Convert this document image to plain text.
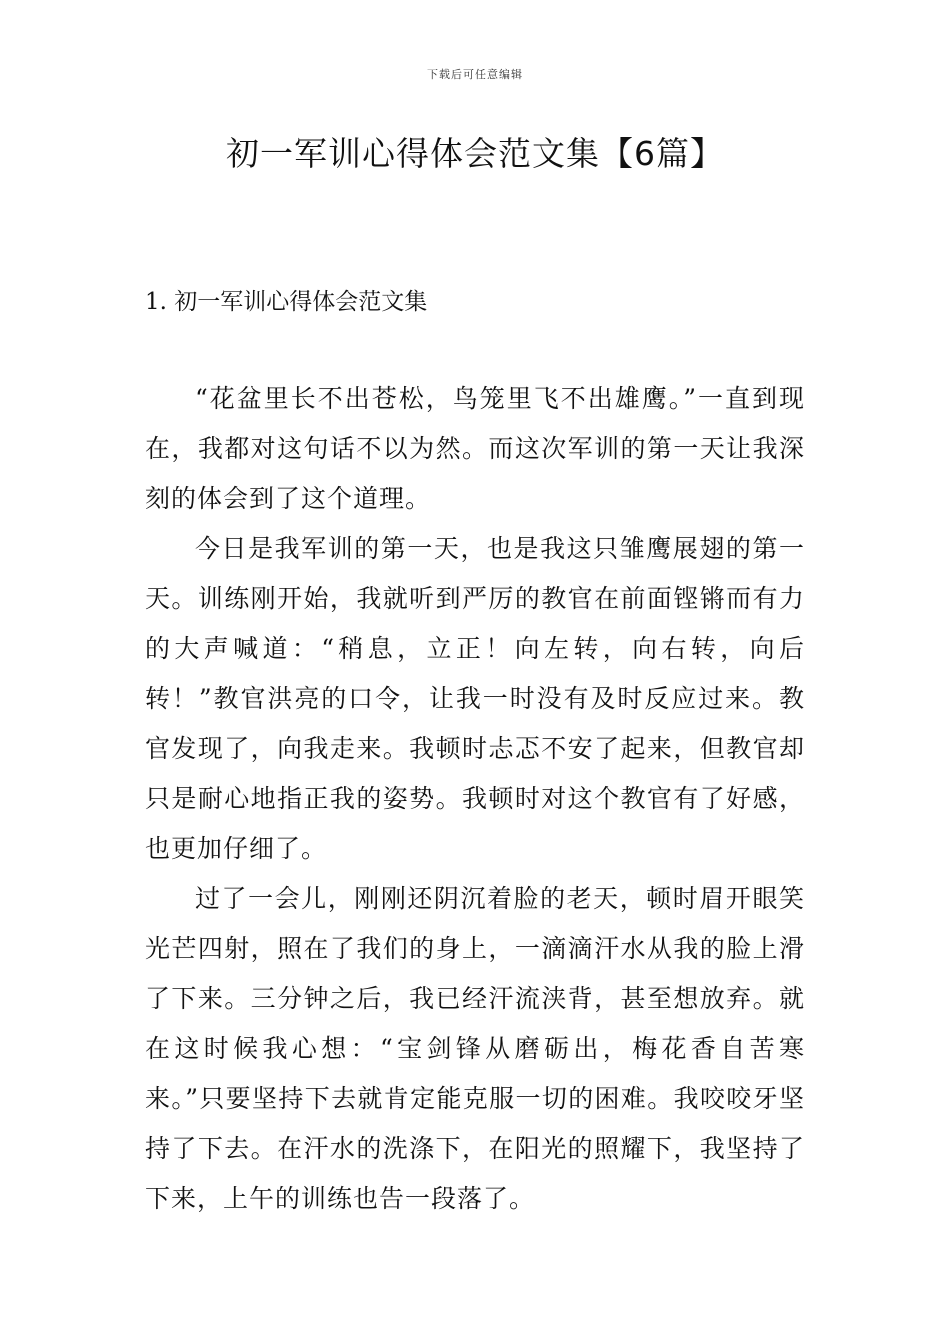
下载后可任意编辑
初一军训心得体会范文集【6篇】
1. 初一军训心得体会范文集

“花盆里长不出苍松，鸟笼里飞不出雄鹰。”一直到现在，我都对这句话不以为然。而这次军训的第一天让我深刻的体会到了这个道理。

今日是我军训的第一天，也是我这只雏鹰展翅的第一天。训练刚开始，我就听到严厉的教官在前面铿锵而有力的大声喊道：“稍息，立正！向左转，向右转，向后转！”教官洪亮的口令，让我一时没有及时反应过来。教官发现了，向我走来。我顿时忐忑不安了起来，但教官却只是耐心地指正我的姿势。我顿时对这个教官有了好感，也更加仔细了。

过了一会儿，刚刚还阴沉着脸的老天，顿时眉开眼笑光芒四射，照在了我们的身上，一滴滴汗水从我的脸上滑了下来。三分钟之后，我已经汗流浃背，甚至想放弃。就在这时候我心想：“宝剑锋从磨砺出，梅花香自苦寒来。”只要坚持下去就肯定能克服一切的困难。我咬咬牙坚持了下去。在汗水的洗涤下，在阳光的照耀下，我坚持了下来，上午的训练也告一段落了。
